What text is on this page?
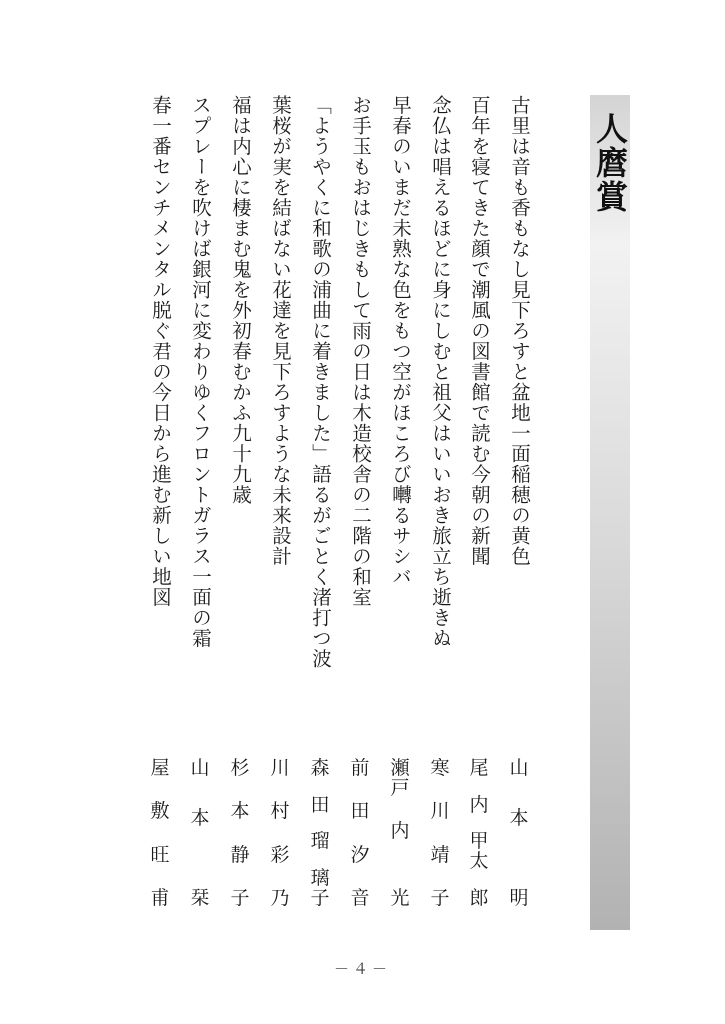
人麿賞
古里は音も香もなし見下ろすと盆地一面稲穂の黄色
百年を寝てきた顔で潮風の図書館で読む今朝の新聞
念仏は唱えるほどに身にしむと祖父はいいおき旅立ち逝きぬ
早春のいまだ未熟な色をもつ空がほころび囀るサシバ
お手玉もおはじきもして雨の日は木造校舎の二階の和室
「ようやくに和歌の浦曲に着きました」語るがごとく渚打つ波
葉桜が実を結ばない花達を見下ろすような未来設計
福は内心に棲まむ鬼を外初春むかふ九十九歳
スプレーを吹けば銀河に変わりゆくフロントガラス一面の霜
春一番センチメンタル脱ぐ君の今日から進む新しい地図
山
本
明
尾
内
甲太
郎
寒
川
靖
子
瀬戸
内
光
前
田
汐
音
森
田
瑠
璃子
川
村
彩
乃
杉
本
静
子
山
本
栞
屋
敷
旺
甫
－４－
